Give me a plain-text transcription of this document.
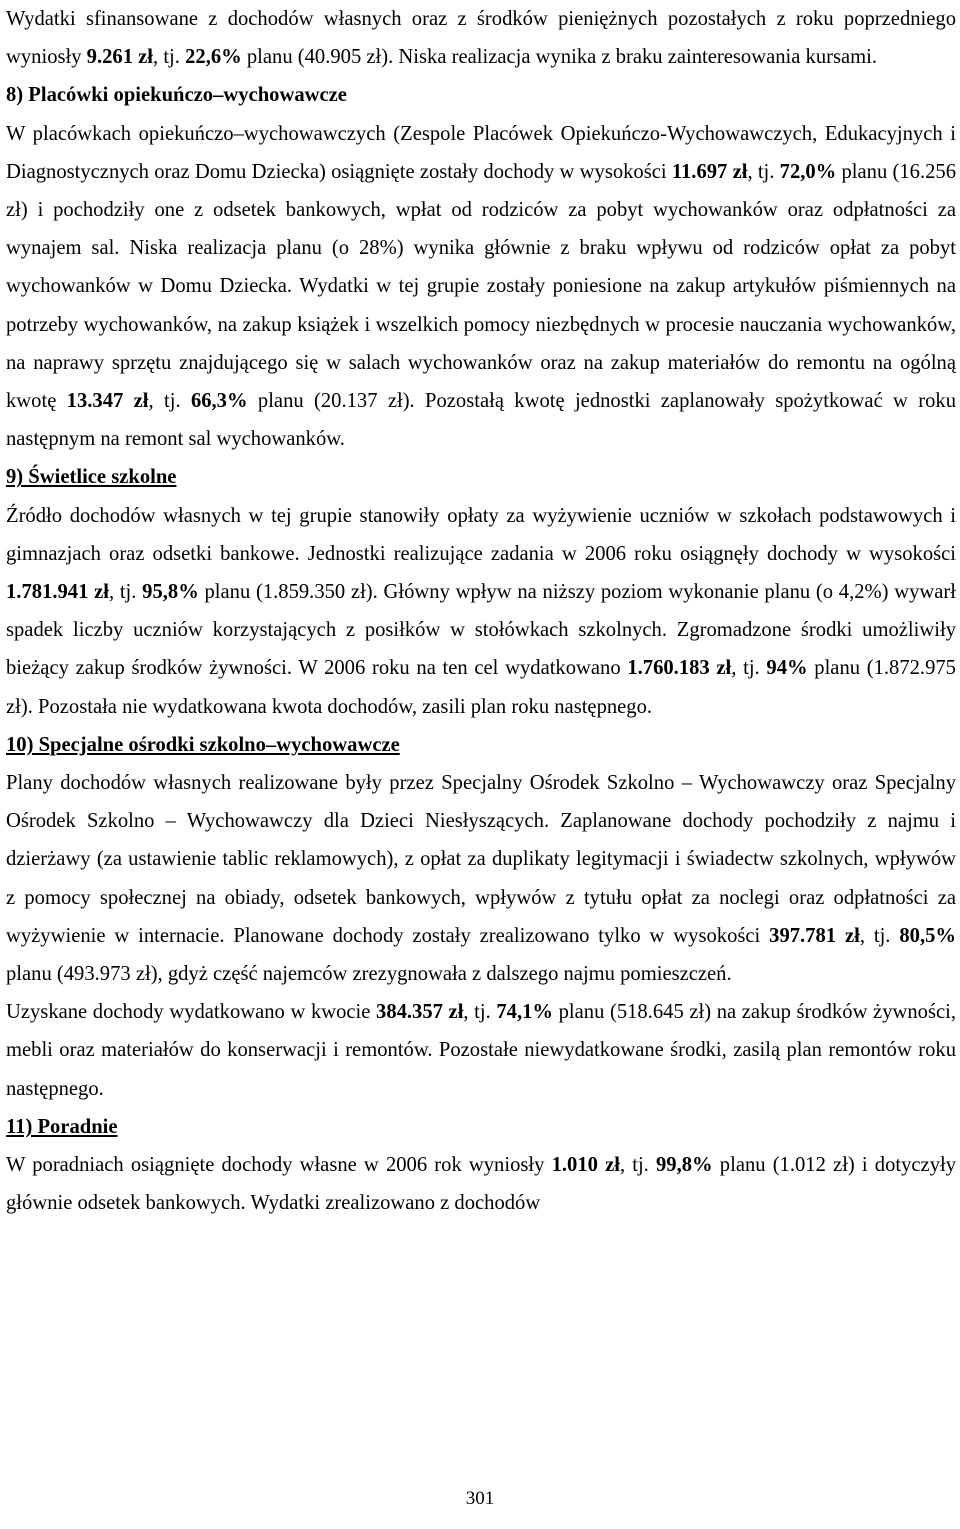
Wydatki sfinansowane z dochodów własnych oraz z środków pieniężnych pozostałych z roku poprzedniego wyniosły 9.261 zł, tj. 22,6% planu (40.905 zł). Niska realizacja wynika z braku zainteresowania kursami.

8) Placówki opiekuńczo–wychowawcze

W placówkach opiekuńczo–wychowawczych (Zespole Placówek Opiekuńczo-Wychowawczych, Edukacyjnych i Diagnostycznych oraz Domu Dziecka) osiągnięte zostały dochody w wysokości 11.697 zł, tj. 72,0% planu (16.256 zł) i pochodziły one z odsetek bankowych, wpłat od rodziców za pobyt wychowanków oraz odpłatności za wynajem sal. Niska realizacja planu (o 28%) wynika głównie z braku wpływu od rodziców opłat za pobyt wychowanków w Domu Dziecka. Wydatki w tej grupie zostały poniesione na zakup artykułów piśmiennych na potrzeby wychowanków, na zakup książek i wszelkich pomocy niezbędnych w procesie nauczania wychowanków, na naprawy sprzętu znajdującego się w salach wychowanków oraz na zakup materiałów do remontu na ogólną kwotę 13.347 zł, tj. 66,3% planu (20.137 zł). Pozostałą kwotę jednostki zaplanowały spożytkować w roku następnym na remont sal wychowanków.

9) Świetlice szkolne

Źródło dochodów własnych w tej grupie stanowiły opłaty za wyżywienie uczniów w szkołach podstawowych i gimnazjach oraz odsetki bankowe. Jednostki realizujące zadania w 2006 roku osiągnęły dochody w wysokości 1.781.941 zł, tj. 95,8% planu (1.859.350 zł). Główny wpływ na niższy poziom wykonanie planu (o 4,2%) wywarł spadek liczby uczniów korzystających z posiłków w stołówkach szkolnych. Zgromadzone środki umożliwiły bieżący zakup środków żywności. W 2006 roku na ten cel wydatkowano 1.760.183 zł, tj. 94% planu (1.872.975 zł). Pozostała nie wydatkowana kwota dochodów, zasili plan roku następnego.

10) Specjalne ośrodki szkolno–wychowawcze

Plany dochodów własnych realizowane były przez Specjalny Ośrodek Szkolno – Wychowawczy oraz Specjalny Ośrodek Szkolno – Wychowawczy dla Dzieci Niesłyszących. Zaplanowane dochody pochodziły z najmu i dzierżawy (za ustawienie tablic reklamowych), z opłat za duplikaty legitymacji i świadectw szkolnych, wpływów z pomocy społecznej na obiady, odsetek bankowych, wpływów z tytułu opłat za noclegi oraz odpłatności za wyżywienie w internacie. Planowane dochody zostały zrealizowano tylko w wysokości 397.781 zł, tj. 80,5% planu (493.973 zł), gdyż część najemców zrezygnowała z dalszego najmu pomieszczeń.

Uzyskane dochody wydatkowano w kwocie 384.357 zł, tj. 74,1% planu (518.645 zł) na zakup środków żywności, mebli oraz materiałów do konserwacji i remontów. Pozostałe niewydatkowane środki, zasilą plan remontów roku następnego.

11) Poradnie

W poradniach osiągnięte dochody własne w 2006 rok wyniosły 1.010 zł, tj. 99,8% planu (1.012 zł) i dotyczyły głównie odsetek bankowych. Wydatki zrealizowano z dochodów

301
